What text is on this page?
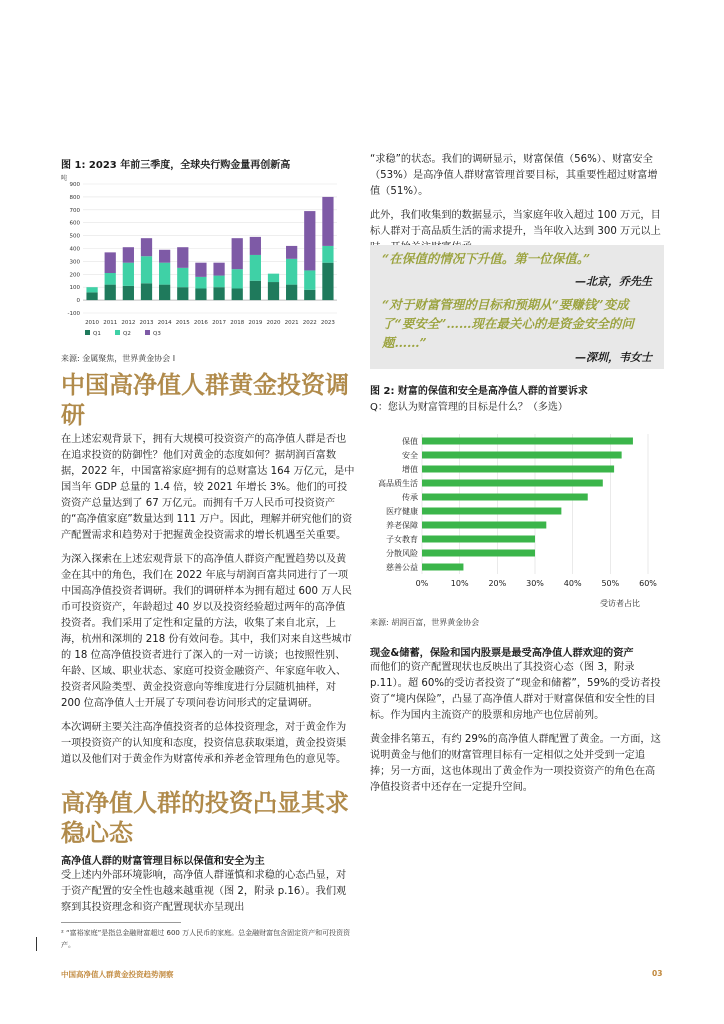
图 1: 2023 年前三季度，全球央行购金量再创新高
吨
-100
0
100
200
300
400
500
600
700
800
900
2010 2011 2012 2013 2014 2015 2016 2017 2018 2019 2020 2021 2022 2023
Q1	Q2	Q3
来源: 金属聚焦，世界黄金协会 I
中国高净值人群黄金投资调研

在上述宏观背景下，拥有大规模可投资资产的高净值人群是否也在追求投资的防御性？他们对黄金的态度如何？据胡润百富数据，2022 年，中国富裕家庭²拥有的总财富达 164 万亿元，是中国当年 GDP 总量的 1.4 倍，较 2021 年增长 3%。他们的可投资资产总量达到了 67 万亿元。而拥有千万人民币可投资资产的“高净值家庭”数量达到 111 万户。因此，理解并研究他们的资产配置需求和趋势对于把握黄金投资需求的增长机遇至关重要。

为深入探索在上述宏观背景下的高净值人群资产配置趋势以及黄金在其中的角色，我们在 2022 年底与胡润百富共同进行了一项中国高净值投资者调研。我们的调研样本为拥有超过 600 万人民币可投资资产，年龄超过 40 岁以及投资经验超过两年的高净值投资者。我们采用了定性和定量的方法，收集了来自北京，上海，杭州和深圳的 218 份有效问卷。其中，我们对来自这些城市的 18 位高净值投资者进行了深入的一对一访谈；也按照性别、年龄、区域、职业状态、家庭可投资金融资产、年家庭年收入、投资者风险类型、黄金投资意向等维度进行分层随机抽样，对 200 位高净值人士开展了专项问卷访问形式的定量调研。

本次调研主要关注高净值投资者的总体投资理念，对于黄金作为一项投资资产的认知度和态度，投资信息获取渠道，黄金投资渠道以及他们对于黄金作为财富传承和养老金管理角色的意见等。

高净值人群的投资凸显其求稳心态
高净值人群的财富管理目标以保值和安全为主
受上述内外部环境影响，高净值人群谨慎和求稳的心态凸显，对于资产配置的安全性也越来越重视（图 2，附录 p.16）。我们观察到其投资理念和资产配置现状亦呈现出
² “富裕家庭”是指总金融财富超过 600 万人民币的家庭。总金融财富包含固定资产和可投资资产。

“求稳”的状态。我们的调研显示，财富保值（56%）、财富安全（53%）是高净值人群财富管理首要目标，其重要性超过财富增值（51%）。

此外，我们收集到的数据显示，当家庭年收入超过 100 万元，目标人群对于高品质生活的需求提升，当年收入达到 300 万元以上

“在保值的情况下升值。第一位保值。”
—北京，乔先生
“对于财富管理的目标和预期从“要赚钱”变成了“要安全”……现在最关心的是资金安全的问题……”
—深圳，韦女士
图 2: 财富的保值和安全是高净值人群的首要诉求
Q：您认为财富管理的目标是什么？（多选）
保值
安全
增值
高品质生活
传承
医疗健康
养老保障
子女教育
分散风险
慈善公益
0%	10% 20% 30% 40% 50% 60%
受访者占比
来源: 胡润百富，世界黄金协会
现金&储蓄，保险和国内股票是最受高净值人群欢迎的资产

而他们的资产配置现状也反映出了其投资心态（图 3，附录 p.11）。超 60%的受访者投资了“现金和储蓄”，59%的受访者投资了“境内保险”，凸显了高净值人群对于财富保值和安全性的目标。作为国内主流资产的股票和房地产也位居前列。

黄金排名第五，有约 29%的高净值人群配置了黄金。一方面，这说明黄金与他们的财富管理目标有一定相似之处并受到一定追捧；另一方面，这也体现出了黄金作为一项投资资产的角色在高净值投资者中还存在一定提升空间。

中国高净值人群黄金投资趋势洞察	03
